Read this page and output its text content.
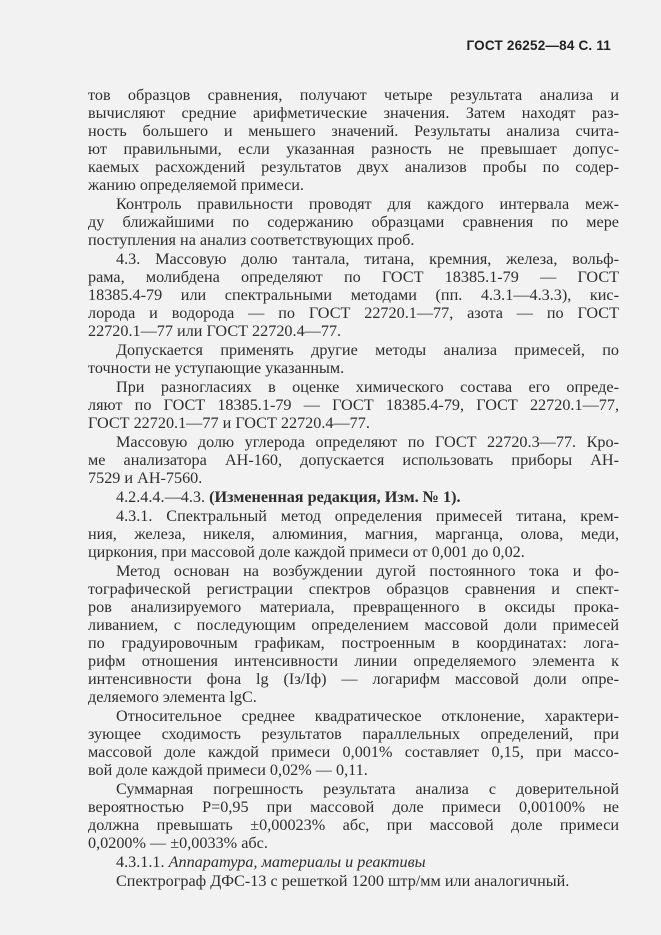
ГОСТ 26252—84 С. 11
тов образцов сравнения, получают четыре результата анализа и
вычисляют средние арифметические значения. Затем находят раз-
ность большего и меньшего значений. Результаты анализа счита-
ют правильными, если указанная разность не превышает допус-
каемых расхождений результатов двух анализов пробы по содер-
жанию определяемой примеси.
Контроль правильности проводят для каждого интервала меж-
ду ближайшими по содержанию образцами сравнения по мере
поступления на анализ соответствующих проб.
4.3. Массовую долю тантала, титана, кремния, железа, вольф-
рама, молибдена определяют по ГОСТ 18385.1-79 — ГОСТ
18385.4-79 или спектральными методами (пп. 4.3.1—4.3.3), кис-
лорода и водорода — по ГОСТ 22720.1—77, азота — по ГОСТ
22720.1—77 или ГОСТ 22720.4—77.
Допускается применять другие методы анализа примесей, по
точности не уступающие указанным.
При разногласиях в оценке химического состава его опреде-
ляют по ГОСТ 18385.1-79 — ГОСТ 18385.4-79, ГОСТ 22720.1—77,
ГОСТ 22720.1—77 и ГОСТ 22720.4—77.
Массовую долю углерода определяют по ГОСТ 22720.3—77. Кро-
ме анализатора АН-160, допускается использовать приборы АН-
7529 и АН-7560.
4.2.4.4.—4.3. (Измененная редакция, Изм. № 1).
4.3.1. Спектральный метод определения примесей титана, крем-
ния, железа, никеля, алюминия, магния, марганца, олова, меди,
циркония, при массовой доле каждой примеси от 0,001 до 0,02.
Метод основан на возбуждении дугой постоянного тока и фо-
тографической регистрации спектров образцов сравнения и спект-
ров анализируемого материала, превращенного в оксиды прока-
ливанием, с последующим определением массовой доли примесей
по градуировочным графикам, построенным в координатах: лога-
рифм отношения интенсивности линии определяемого элемента к
интенсивности фона lg (Iз/Iф) — логарифм массовой доли опре-
деляемого элемента lgC.
Относительное среднее квадратическое отклонение, характери-
зующее сходимость результатов параллельных определений, при
массовой доле каждой примеси 0,001% составляет 0,15, при массо-
вой доле каждой примеси 0,02% — 0,11.
Суммарная погрешность результата анализа с доверительной
вероятностью P=0,95 при массовой доле примеси 0,00100% не
должна превышать ±0,00023% абс, при массовой доле примеси
0,0200% — ±0,0033% абс.
4.3.1.1. Аппаратура, материалы и реактивы
Спектрограф ДФС-13 с решеткой 1200 штр/мм или аналогичный.
